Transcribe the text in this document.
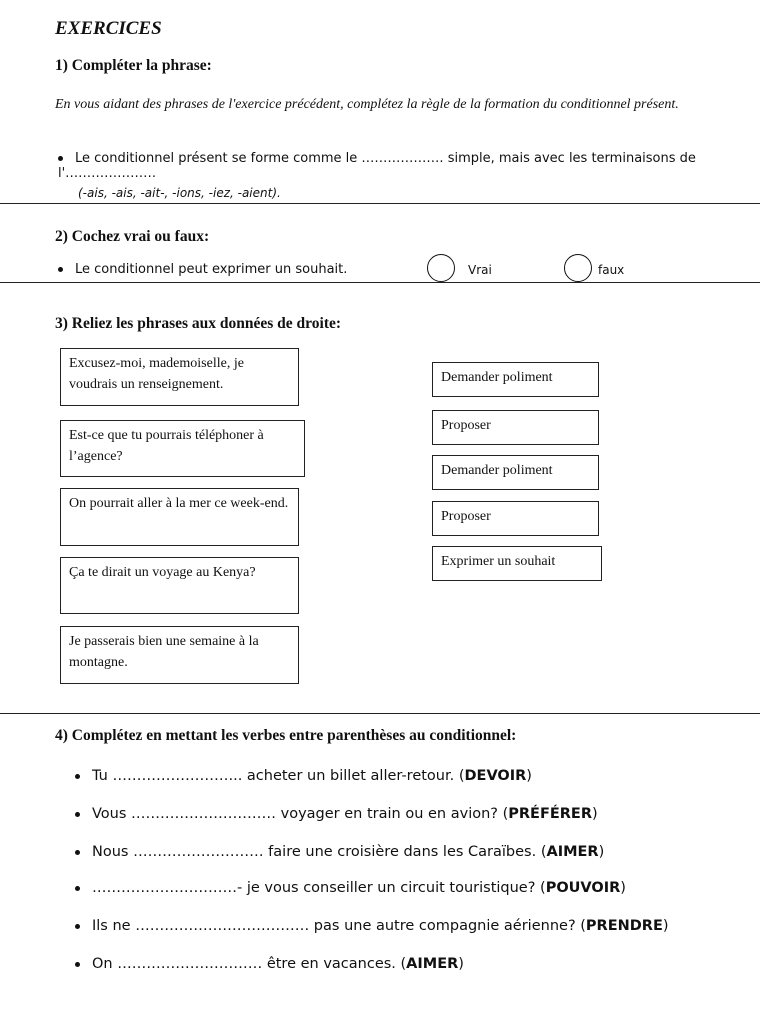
EXERCICES
1) Compléter la phrase:
En vous aidant des phrases de l'exercice précédent, complétez la règle de la formation du conditionnel présent.
Le conditionnel présent se forme comme le ………………. simple, mais avec les terminaisons de l'…………………
(-ais, -ais, -ait-, -ions, -iez, -aient).
2) Cochez vrai ou faux:
Le conditionnel peut exprimer un souhait.	Vrai	faux
3) Reliez les phrases aux données de droite:
Excusez-moi, mademoiselle, je voudrais un renseignement.
Est-ce que tu pourrais téléphoner à l’agence?
On pourrait aller à la mer ce week-end.
Ça te dirait un voyage au Kenya?
Je passerais bien une semaine à la montagne.
Demander poliment
Proposer
Demander poliment
Proposer
Exprimer un souhait
4) Complétez en mettant les verbes entre parenthèses au conditionnel:
Tu ……………………... acheter un billet aller-retour. (DEVOIR)
Vous ………………………… voyager en train ou en avion? (PRÉFÉRER)
Nous ……………………… faire une croisière dans les Caraïbes. (AIMER)
…………………………- je vous conseiller un circuit touristique? (POUVOIR)
Ils ne ……………………………… pas une autre compagnie aérienne? (PRENDRE)
On ………………………… être en vacances. (AIMER)
